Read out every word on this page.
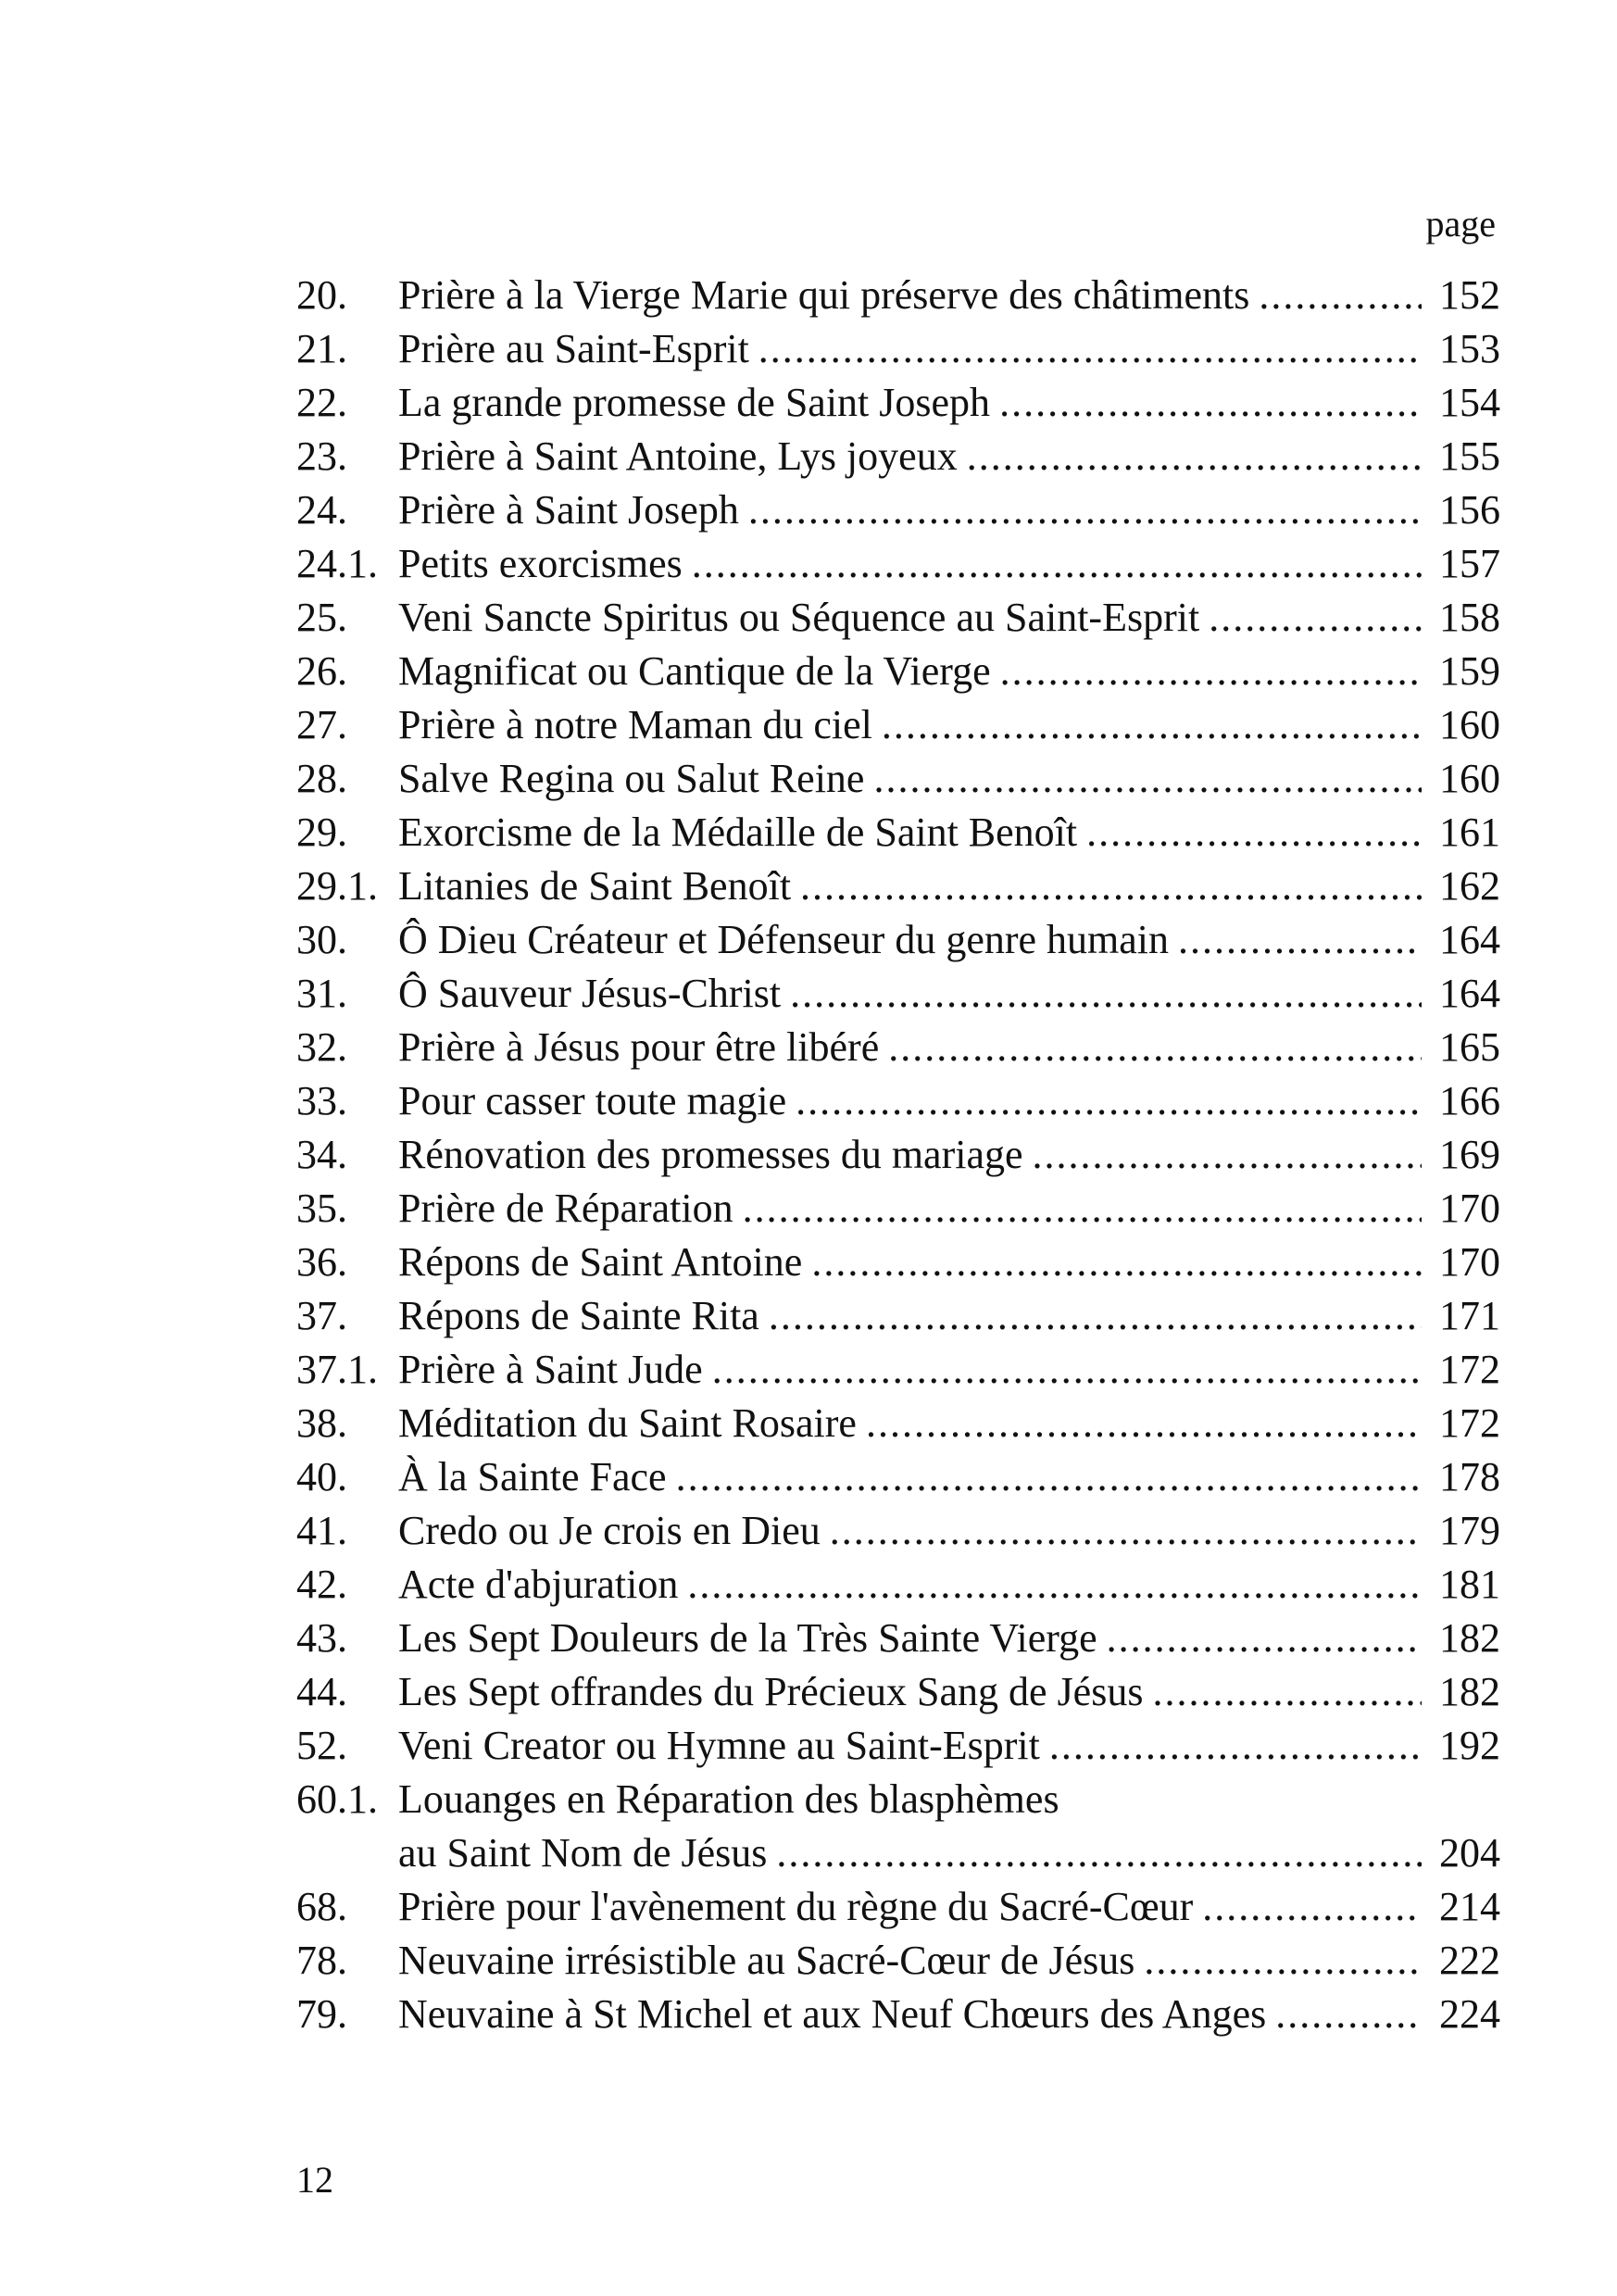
page
20.	Prière à la Vierge Marie qui préserve des châtiments .....	152
21.	Prière au Saint-Esprit .....	153
22.	La grande promesse de Saint Joseph .....	154
23.	Prière à Saint Antoine, Lys joyeux .....	155
24.	Prière à Saint Joseph .....	156
24.1. Petits exorcismes .....	157
25.	Veni Sancte Spiritus ou Séquence au Saint-Esprit .....	158
26.	Magnificat ou Cantique de la Vierge .....	159
27.	Prière à notre Maman du ciel .....	160
28.	Salve Regina ou Salut Reine .....	160
29.	Exorcisme de la Médaille de Saint Benoît .....	161
29.1. Litanies de Saint Benoît .....	162
30.	Ô Dieu Créateur et Défenseur du genre humain .....	164
31.	Ô Sauveur Jésus-Christ .....	164
32.	Prière à Jésus pour être libéré .....	165
33.	Pour casser toute magie .....	166
34.	Rénovation des promesses du mariage .....	169
35.	Prière de Réparation .....	170
36.	Répons de Saint Antoine .....	170
37.	Répons de Sainte Rita .....	171
37.1. Prière à Saint Jude .....	172
38.	Méditation du Saint Rosaire .....	172
40.	À la Sainte Face .....	178
41.	Credo ou Je crois en Dieu .....	179
42.	Acte d'abjuration .....	181
43.	Les Sept Douleurs de la Très Sainte Vierge .....	182
44.	Les Sept offrandes du Précieux Sang de Jésus .....	182
52.	Veni Creator ou Hymne au Saint-Esprit .....	192
60.1. Louanges en Réparation des blasphèmes
au Saint Nom de Jésus .....	204
68.	Prière pour l'avènement du règne du Sacré-Cœur .....	214
78.	Neuvaine irrésistible au Sacré-Cœur de Jésus .....	222
79.	Neuvaine à St Michel et aux Neuf Chœurs des Anges .....	224
12
